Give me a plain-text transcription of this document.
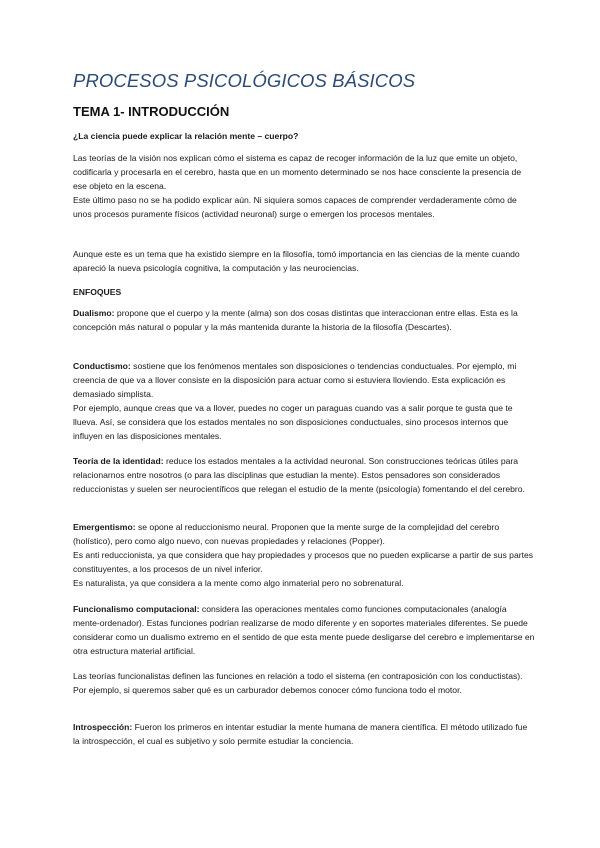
PROCESOS PSICOLÓGICOS BÁSICOS
TEMA 1- INTRODUCCIÓN

¿La ciencia puede explicar la relación mente – cuerpo?

Las teorías de la visión nos explican cómo el sistema es capaz de recoger información de la luz que emite un objeto, codificarla y procesarla en el cerebro, hasta que en un momento determinado se nos hace consciente la presencia de ese objeto en la escena.

Este último paso no se ha podido explicar aún. Ni siquiera somos capaces de comprender verdaderamente cómo de unos procesos puramente físicos (actividad neuronal) surge o emergen los procesos mentales.

Aunque este es un tema que ha existido siempre en la filosofía, tomó importancia en las ciencias de la mente cuando apareció la nueva psicología cognitiva, la computación y las neurociencias.

ENFOQUES

Dualismo: propone que el cuerpo y la mente (alma) son dos cosas distintas que interaccionan entre ellas. Esta es la concepción más natural o popular y la más mantenida durante la historia de la filosofía (Descartes).

Conductismo: sostiene que los fenómenos mentales son disposiciones o tendencias conductuales. Por ejemplo, mi creencia de que va a llover consiste en la disposición para actuar como si estuviera lloviendo. Esta explicación es demasiado simplista.

Por ejemplo, aunque creas que va a llover, puedes no coger un paraguas cuando vas a salir porque te gusta que te llueva. Así, se considera que los estados mentales no son disposiciones conductuales, sino procesos internos que influyen en las disposiciones mentales.

Teoría de la identidad: reduce los estados mentales a la actividad neuronal. Son construcciones teóricas útiles para relacionarnos entre nosotros (o para las disciplinas que estudian la mente). Estos pensadores son considerados reduccionistas y suelen ser neurocientíficos que relegan el estudio de la mente (psicología) fomentando el del cerebro.

Emergentismo: se opone al reduccionismo neural. Proponen que la mente surge de la complejidad del cerebro (holístico), pero como algo nuevo, con nuevas propiedades y relaciones (Popper).

Es anti reduccionista, ya que considera que hay propiedades y procesos que no pueden explicarse a partir de sus partes constituyentes, a los procesos de un nivel inferior.

Es naturalista, ya que considera a la mente como algo inmaterial pero no sobrenatural.

Funcionalismo computacional: considera las operaciones mentales como funciones computacionales (analogía mente-ordenador). Estas funciones podrían realizarse de modo diferente y en soportes materiales diferentes. Se puede considerar como un dualismo extremo en el sentido de que esta mente puede desligarse del cerebro e implementarse en otra estructura material artificial.

Las teorías funcionalistas definen las funciones en relación a todo el sistema (en contraposición con los conductistas). Por ejemplo, si queremos saber qué es un carburador debemos conocer cómo funciona todo el motor.

Introspección: Fueron los primeros en intentar estudiar la mente humana de manera científica. El método utilizado fue la introspección, el cual es subjetivo y solo permite estudiar la conciencia.
